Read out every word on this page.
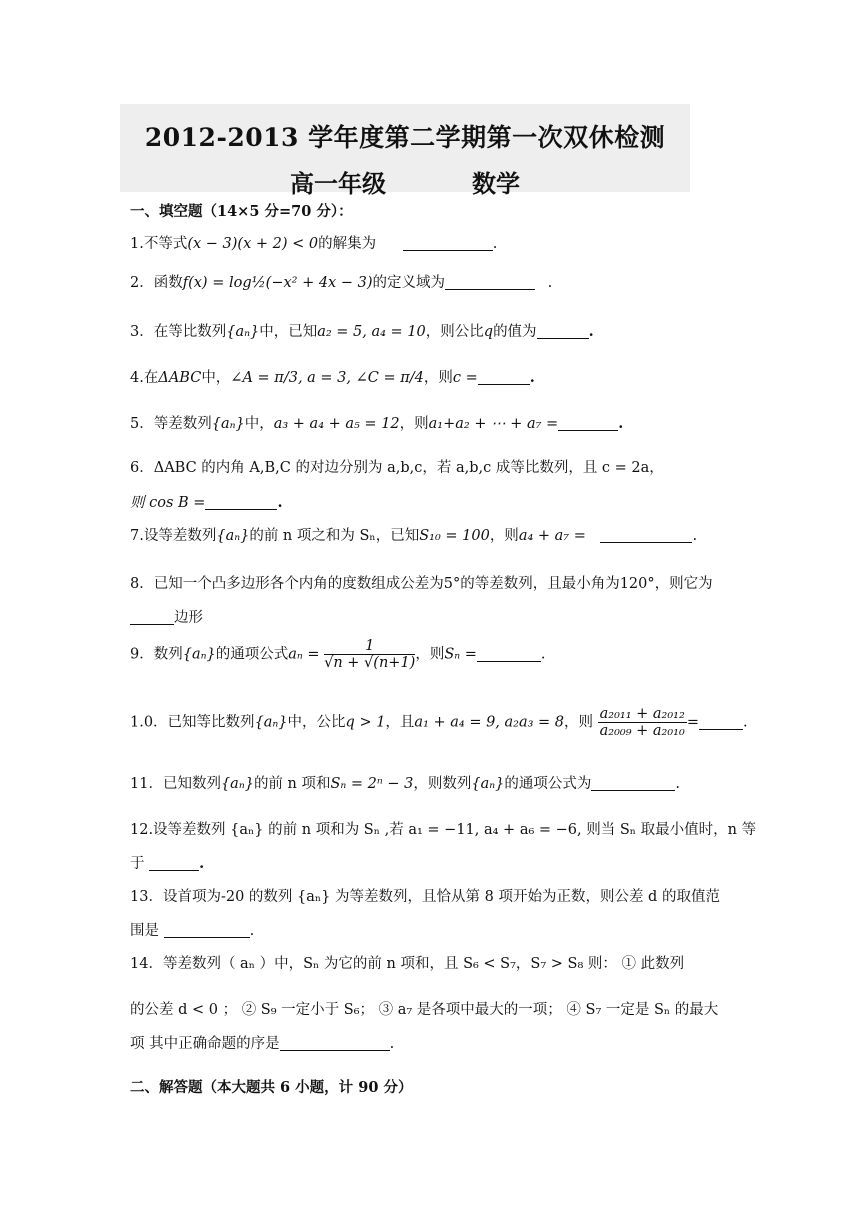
2012-2013 学年度第二学期第一次双休检测
高一年级	数学
一、填空题（14×5 分=70 分）：
1.不等式(x − 3)(x + 2) < 0的解集为	.
2．函数f(x) = log½(−x² + 4x − 3)的定义域为	.
3．在等比数列{aₙ}中，已知a₂ = 5, a₄ = 10，则公比q的值为	.
4.在ΔABC中，∠A = π/3, a = 3, ∠C = π/4，则c =	.
5．等差数列{aₙ}中，a₃ + a₄ + a₅ = 12，则a₁+a₂ + ⋯ + a₇ =	.
6．ΔABC 的内角 A,B,C 的对边分别为 a,b,c，若 a,b,c 成等比数列，且 c = 2a，
则 cos B =	.
7.设等差数列{aₙ}的前 n 项之和为 Sₙ，已知S₁₀ = 100，则a₄ + a₇ =	.
8．已知一个凸多边形各个内角的度数组成公差为5°的等差数列，且最小角为120°，则它为
边形
9．数列{aₙ}的通项公式$a_n = \frac{1}{√n + √(n+1)}$ ，则Sₙ =	.
1.0．已知等比数列{aₙ}中，公比q > 1，且a₁ + a₄ = 9, a₂a₃ = 8，则 $\frac{\text{a₂₀₁₁ + a₂₀₁₂}}{\text{a₂₀₀₉ + a₂₀₁₀}}$ =	.
11．已知数列{aₙ}的前 n 项和Sₙ = 2ⁿ − 3，则数列{aₙ}的通项公式为	.
12.设等差数列 {aₙ} 的前 n 项和为 Sₙ ,若 a₁ = −11, a₄ + a₆ = −6, 则当 Sₙ 取最小值时，n 等
于	.
13．设首项为-20 的数列 {aₙ} 为等差数列，且恰从第 8 项开始为正数，则公差 d 的取值范
围是	.
14．等差数列（ aₙ ）中，Sₙ 为它的前 n 项和，且 S₆ < S₇，S₇ > S₈ 则： ① 此数列
的公差 d < 0 ； ② S₉ 一定小于 S₆； ③ a₇ 是各项中最大的一项； ④ S₇ 一定是 Sₙ 的最大
项 其中正确命题的序是	.
二、解答题（本大题共 6 小题，计 90 分）
